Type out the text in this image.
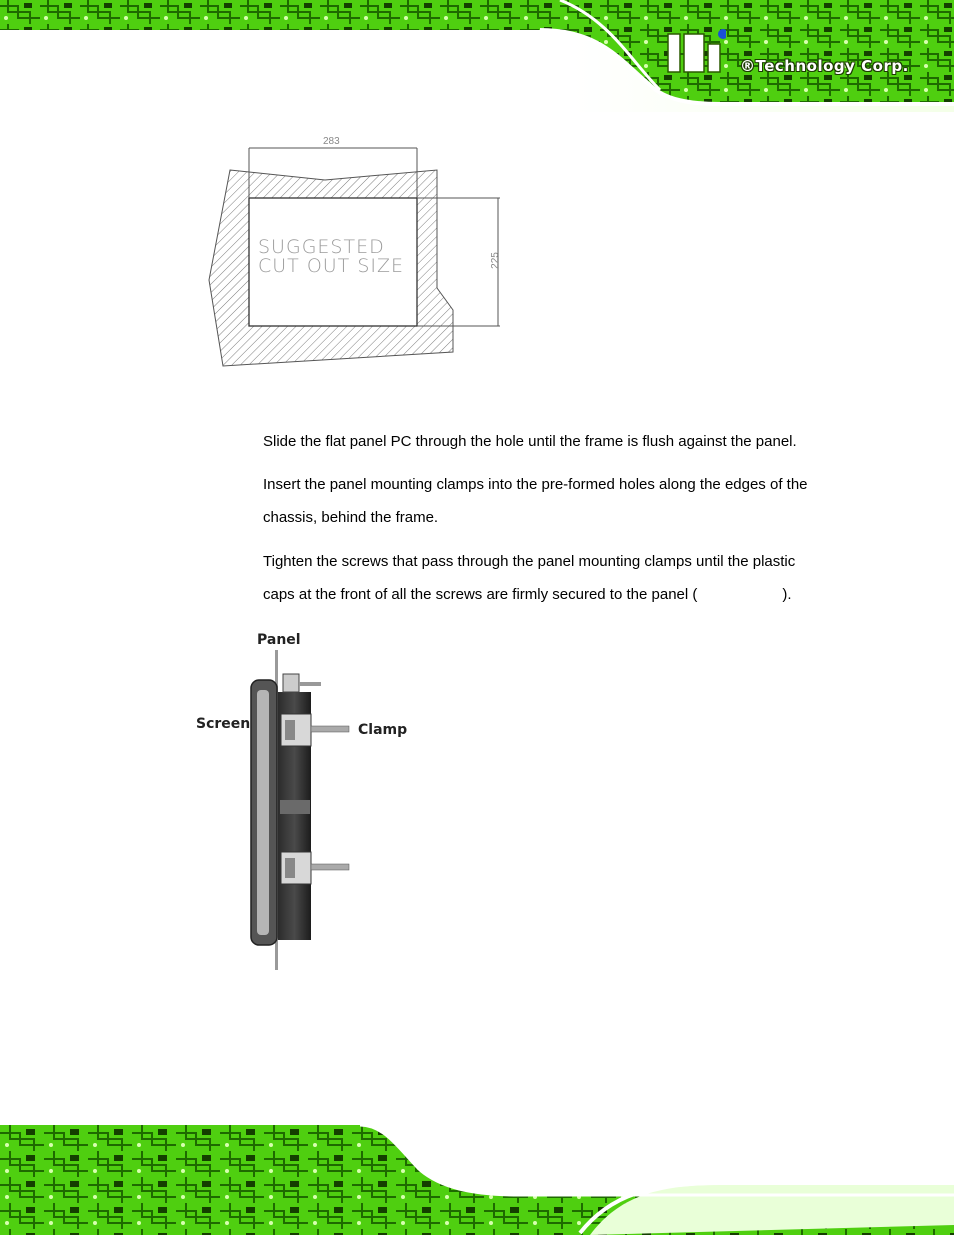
®Technology Corp.
283
225
SUGGESTED
CUT OUT SIZE
Slide the flat panel PC through the hole until the frame is flush against the panel.
Insert the panel mounting clamps into the pre-formed holes along the edges of the chassis, behind the frame.
Tighten the screws that pass through the panel mounting clamps until the plastic caps at the front of all the screws are firmly secured to the panel (	).
Panel
Screen	Clamp
